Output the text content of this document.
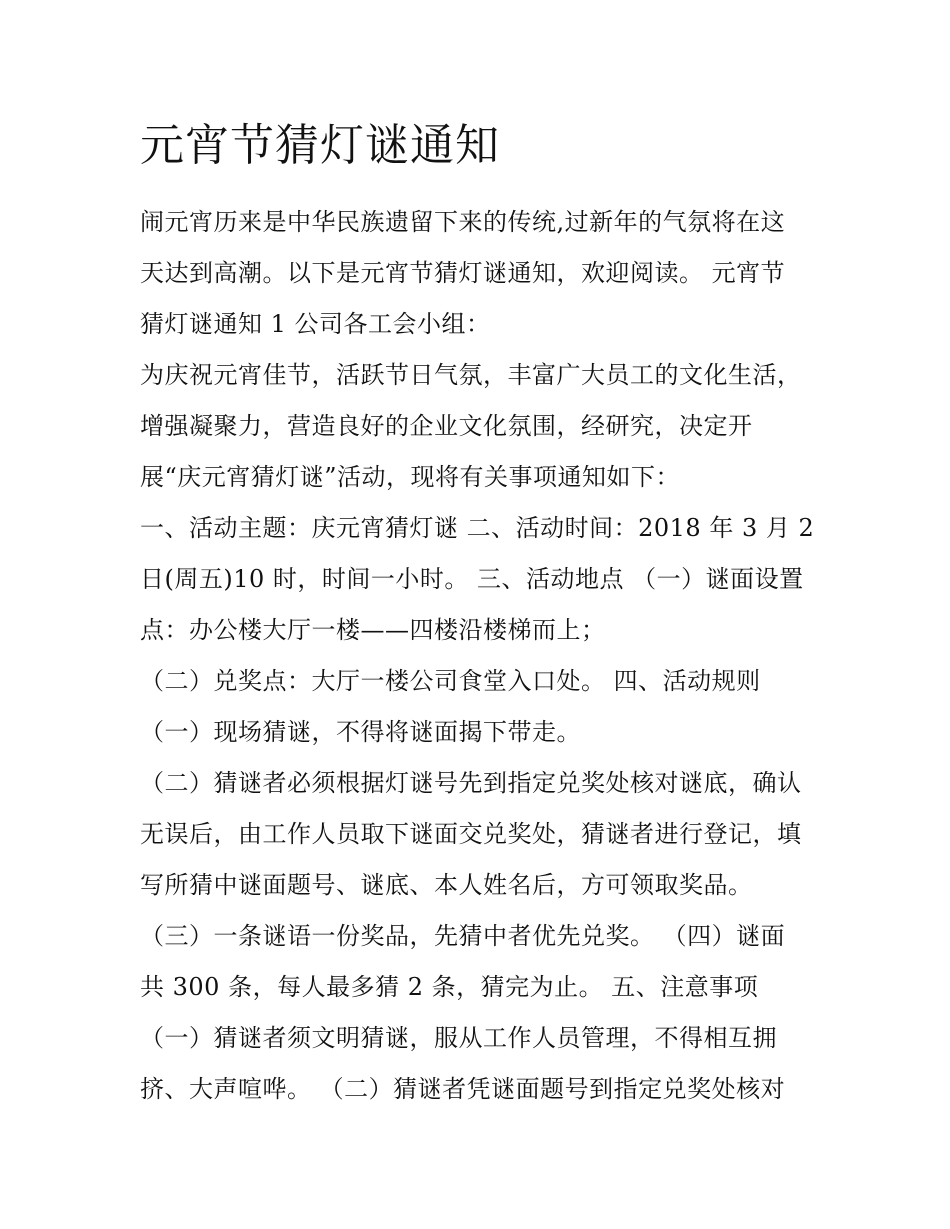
元宵节猜灯谜通知

闹元宵历来是中华民族遗留下来的传统,过新年的气氛将在这

天达到高潮。以下是元宵节猜灯谜通知，欢迎阅读。 元宵节

猜灯谜通知 1 公司各工会小组：

为庆祝元宵佳节，活跃节日气氛，丰富广大员工的文化生活，

增强凝聚力，营造良好的企业文化氛围，经研究，决定开

展“庆元宵猜灯谜”活动，现将有关事项通知如下：

一、活动主题：庆元宵猜灯谜 二、活动时间：2018 年 3 月 2

日(周五)10 时，时间一小时。 三、活动地点 （一）谜面设置

点：办公楼大厅一楼——四楼沿楼梯而上；

（二）兑奖点：大厅一楼公司食堂入口处。 四、活动规则

（一）现场猜谜，不得将谜面揭下带走。

（二）猜谜者必须根据灯谜号先到指定兑奖处核对谜底，确认

无误后，由工作人员取下谜面交兑奖处，猜谜者进行登记，填

写所猜中谜面题号、谜底、本人姓名后，方可领取奖品。

（三）一条谜语一份奖品，先猜中者优先兑奖。 （四）谜面

共 300 条，每人最多猜 2 条，猜完为止。 五、注意事项

（一）猜谜者须文明猜谜，服从工作人员管理，不得相互拥

挤、大声喧哗。 （二）猜谜者凭谜面题号到指定兑奖处核对
